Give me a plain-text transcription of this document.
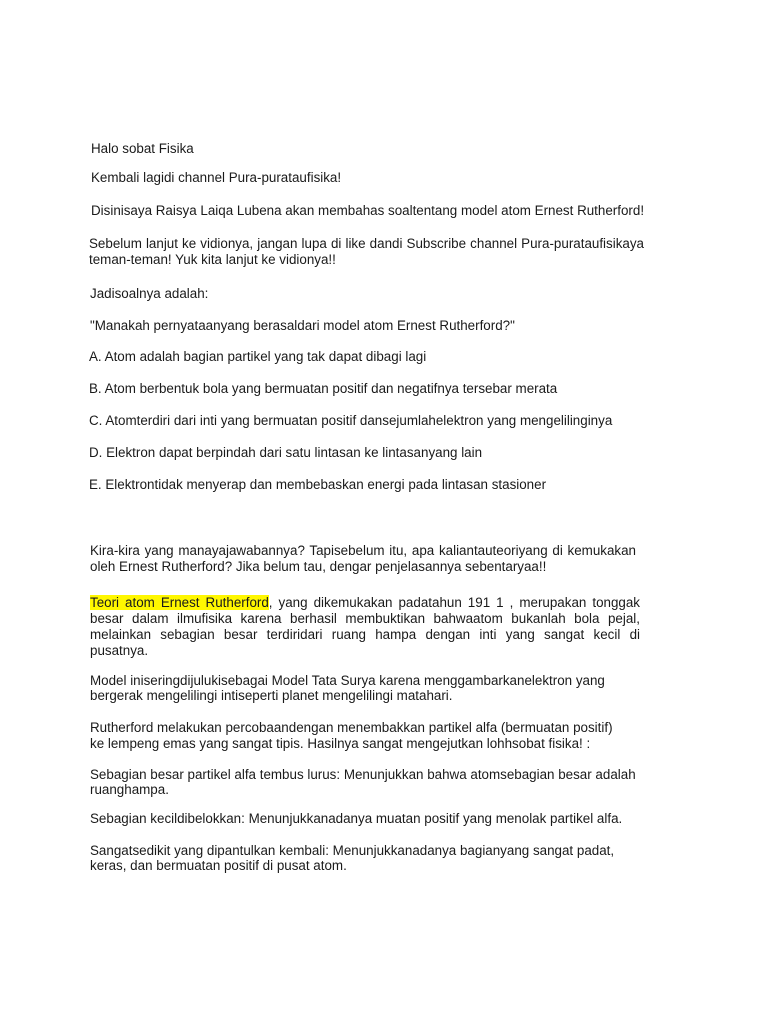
Halo sobat Fisika

Kembali lagidi channel Pura-purataufisika!

Disinisaya Raisya Laiqa Lubena akan membahas soaltentang model atom Ernest Rutherford!

Sebelum lanjut ke vidionya, jangan lupa di like dandi Subscribe channel Pura-purataufisikaya teman-teman! Yuk kita lanjut ke vidionya!!

Jadisoalnya adalah:

"Manakah pernyataanyang berasaldari model atom Ernest Rutherford?"

A. Atom adalah bagian partikel yang tak dapat dibagi lagi

B. Atom berbentuk bola yang bermuatan positif dan negatifnya tersebar merata

C. Atomterdiri dari inti yang bermuatan positif dansejumlahelektron yang mengelilinginya

D. Elektron dapat berpindah dari satu lintasan ke lintasanyang lain

E. Elektrontidak menyerap dan membebaskan energi pada lintasan stasioner

Kira-kira yang manayajawabannya? Tapisebelum itu, apa kaliantauteoriyang di kemukakan oleh Ernest Rutherford? Jika belum tau, dengar penjelasannya sebentaryaa!!

Teori atom Ernest Rutherford, yang dikemukakan padatahun 191 1 , merupakan tonggak besar dalam ilmufisika karena berhasil membuktikan bahwaatom bukanlah bola pejal, melainkan sebagian besar terdiridari ruang hampa dengan inti yang sangat kecil di pusatnya.

Model iniseringdijulukisebagai Model Tata Surya karena menggambarkanelektron yang

bergerak mengelilingi intiseperti planet mengelilingi matahari.

Rutherford melakukan percobaandengan menembakkan partikel alfa (bermuatan positif)

ke lempeng emas yang sangat tipis. Hasilnya sangat mengejutkan lohhsobat fisika! :

Sebagian besar partikel alfa tembus lurus: Menunjukkan bahwa atomsebagian besar adalah

ruanghampa.

Sebagian kecildibelokkan: Menunjukkanadanya muatan positif yang menolak partikel alfa.

Sangatsedikit yang dipantulkan kembali: Menunjukkanadanya bagianyang sangat padat,

keras, dan bermuatan positif di pusat atom.
